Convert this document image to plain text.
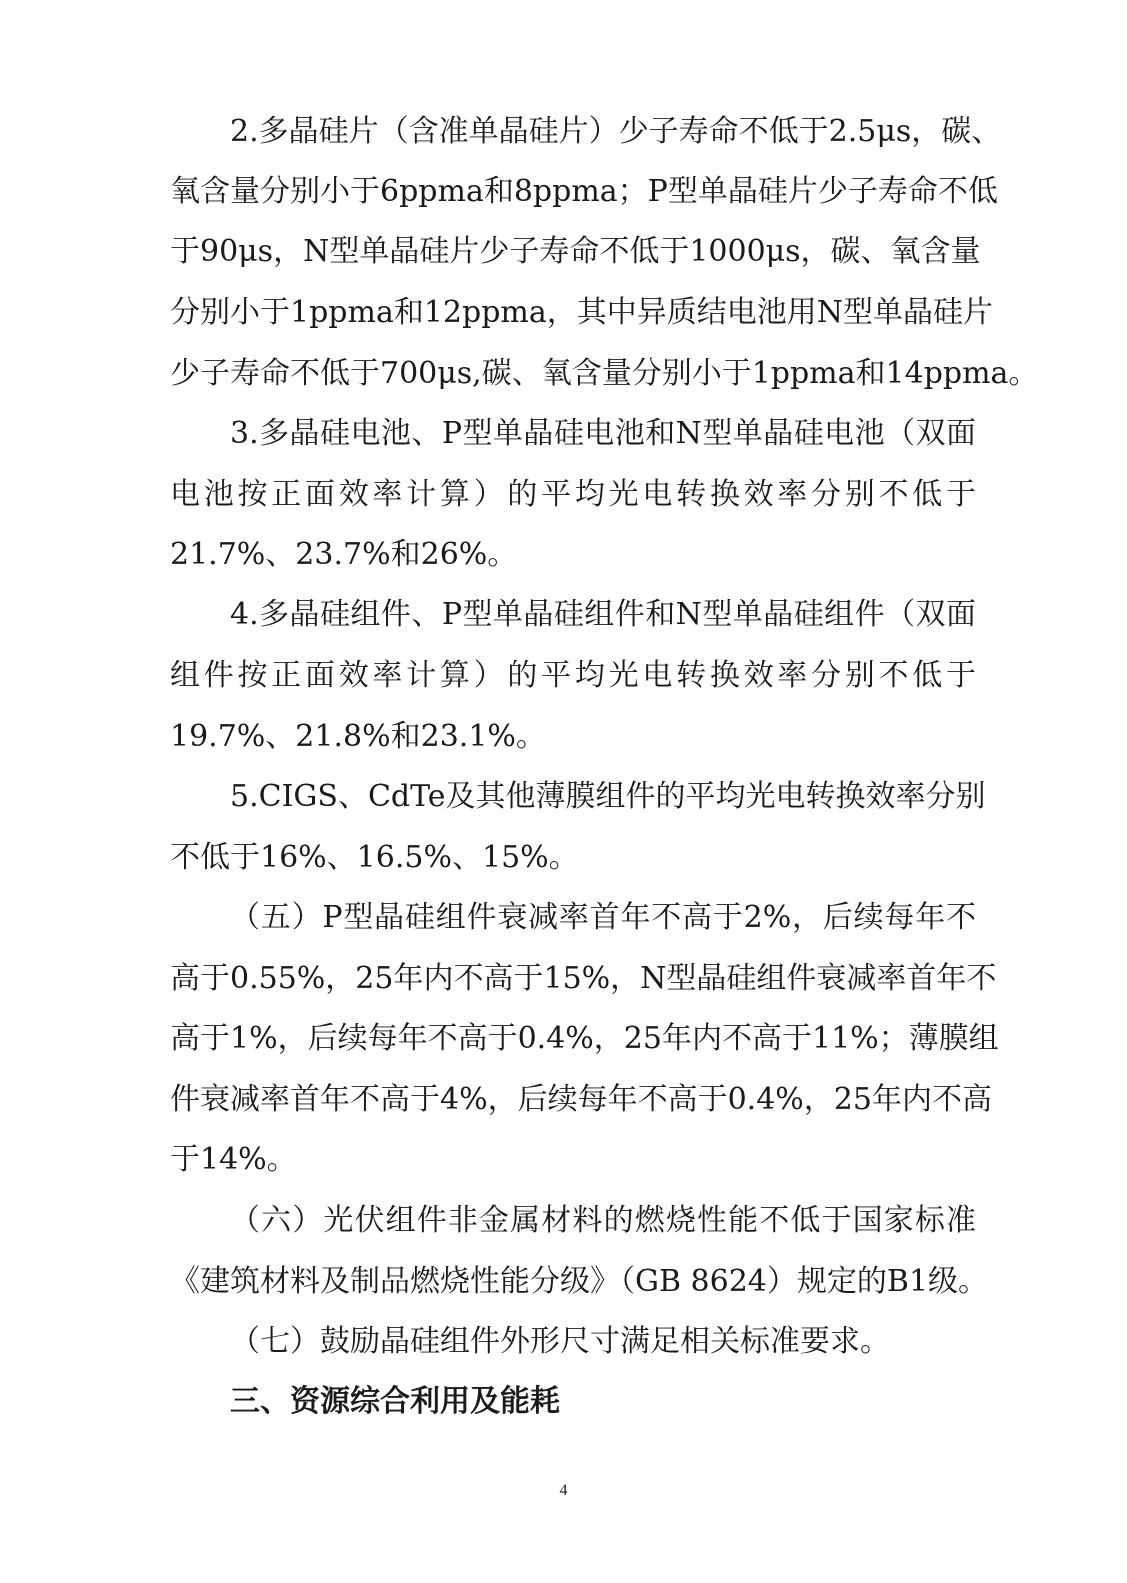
2.多晶硅片（含准单晶硅片）少子寿命不低于2.5μs，碳、

氧含量分别小于6ppma和8ppma；P型单晶硅片少子寿命不低

于90μs，N型单晶硅片少子寿命不低于1000μs，碳、氧含量

分别小于1ppma和12ppma，其中异质结电池用N型单晶硅片

少子寿命不低于700μs,碳、氧含量分别小于1ppma和14ppma。

3.多晶硅电池、P型单晶硅电池和N型单晶硅电池（双面

电池按正面效率计算）的平均光电转换效率分别不低于

21.7%、23.7%和26%。

4.多晶硅组件、P型单晶硅组件和N型单晶硅组件（双面

组件按正面效率计算）的平均光电转换效率分别不低于

19.7%、21.8%和23.1%。

5.CIGS、CdTe及其他薄膜组件的平均光电转换效率分别

不低于16%、16.5%、15%。

（五）P型晶硅组件衰减率首年不高于2%，后续每年不

高于0.55%，25年内不高于15%，N型晶硅组件衰减率首年不

高于1%，后续每年不高于0.4%，25年内不高于11%；薄膜组

件衰减率首年不高于4%，后续每年不高于0.4%，25年内不高

于14%。

（六）光伏组件非金属材料的燃烧性能不低于国家标准

《建筑材料及制品燃烧性能分级》（GB 8624）规定的B1级。

（七）鼓励晶硅组件外形尺寸满足相关标准要求。

三、资源综合利用及能耗
4
